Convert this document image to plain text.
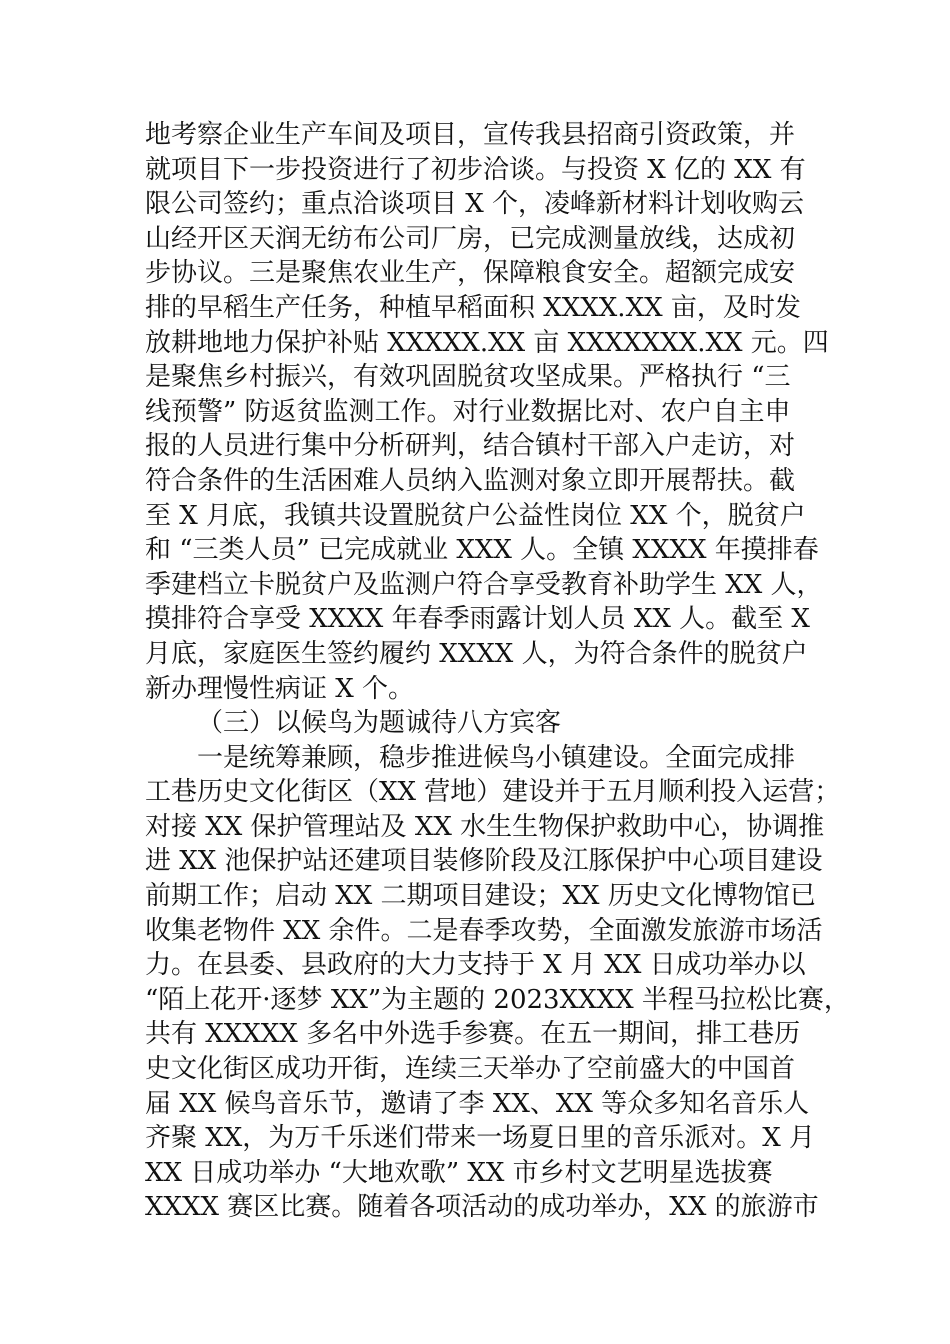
地考察企业生产车间及项目，宣传我县招商引资政策，并
就项目下一步投资进行了初步洽谈。与投资 X 亿的 XX 有
限公司签约；重点洽谈项目 X 个，凌峰新材料计划收购云
山经开区天润无纺布公司厂房，已完成测量放线，达成初
步协议。三是聚焦农业生产，保障粮食安全。超额完成安
排的早稻生产任务，种植早稻面积 XXXX.XX 亩，及时发
放耕地地力保护补贴 XXXXX.XX 亩 XXXXXXX.XX 元。四
是聚焦乡村振兴，有效巩固脱贫攻坚成果。严格执行 “三
线预警” 防返贫监测工作。对行业数据比对、农户自主申
报的人员进行集中分析研判，结合镇村干部入户走访，对
符合条件的生活困难人员纳入监测对象立即开展帮扶。截
至 X 月底，我镇共设置脱贫户公益性岗位 XX 个，脱贫户
和 “三类人员” 已完成就业 XXX 人。全镇 XXXX 年摸排春
季建档立卡脱贫户及监测户符合享受教育补助学生 XX 人，
摸排符合享受 XXXX 年春季雨露计划人员 XX 人。截至 X
月底，家庭医生签约履约 XXXX 人，为符合条件的脱贫户
新办理慢性病证 X 个。
（三）以候鸟为题诚待八方宾客
一是统筹兼顾，稳步推进候鸟小镇建设。全面完成排
工巷历史文化街区（XX 营地）建设并于五月顺利投入运营；
对接 XX 保护管理站及 XX 水生生物保护救助中心，协调推
进 XX 池保护站还建项目装修阶段及江豚保护中心项目建设
前期工作；启动 XX 二期项目建设；XX 历史文化博物馆已
收集老物件 XX 余件。二是春季攻势，全面激发旅游市场活
力。在县委、县政府的大力支持于 X 月 XX 日成功举办以
“陌上花开·逐梦 XX”为主题的 2023XXXX 半程马拉松比赛，
共有 XXXXX 多名中外选手参赛。在五一期间，排工巷历
史文化街区成功开街，连续三天举办了空前盛大的中国首
届 XX 候鸟音乐节，邀请了李 XX、XX 等众多知名音乐人
齐聚 XX，为万千乐迷们带来一场夏日里的音乐派对。X 月
XX 日成功举办 “大地欢歌” XX 市乡村文艺明星选拔赛
XXXX 赛区比赛。随着各项活动的成功举办，XX 的旅游市
